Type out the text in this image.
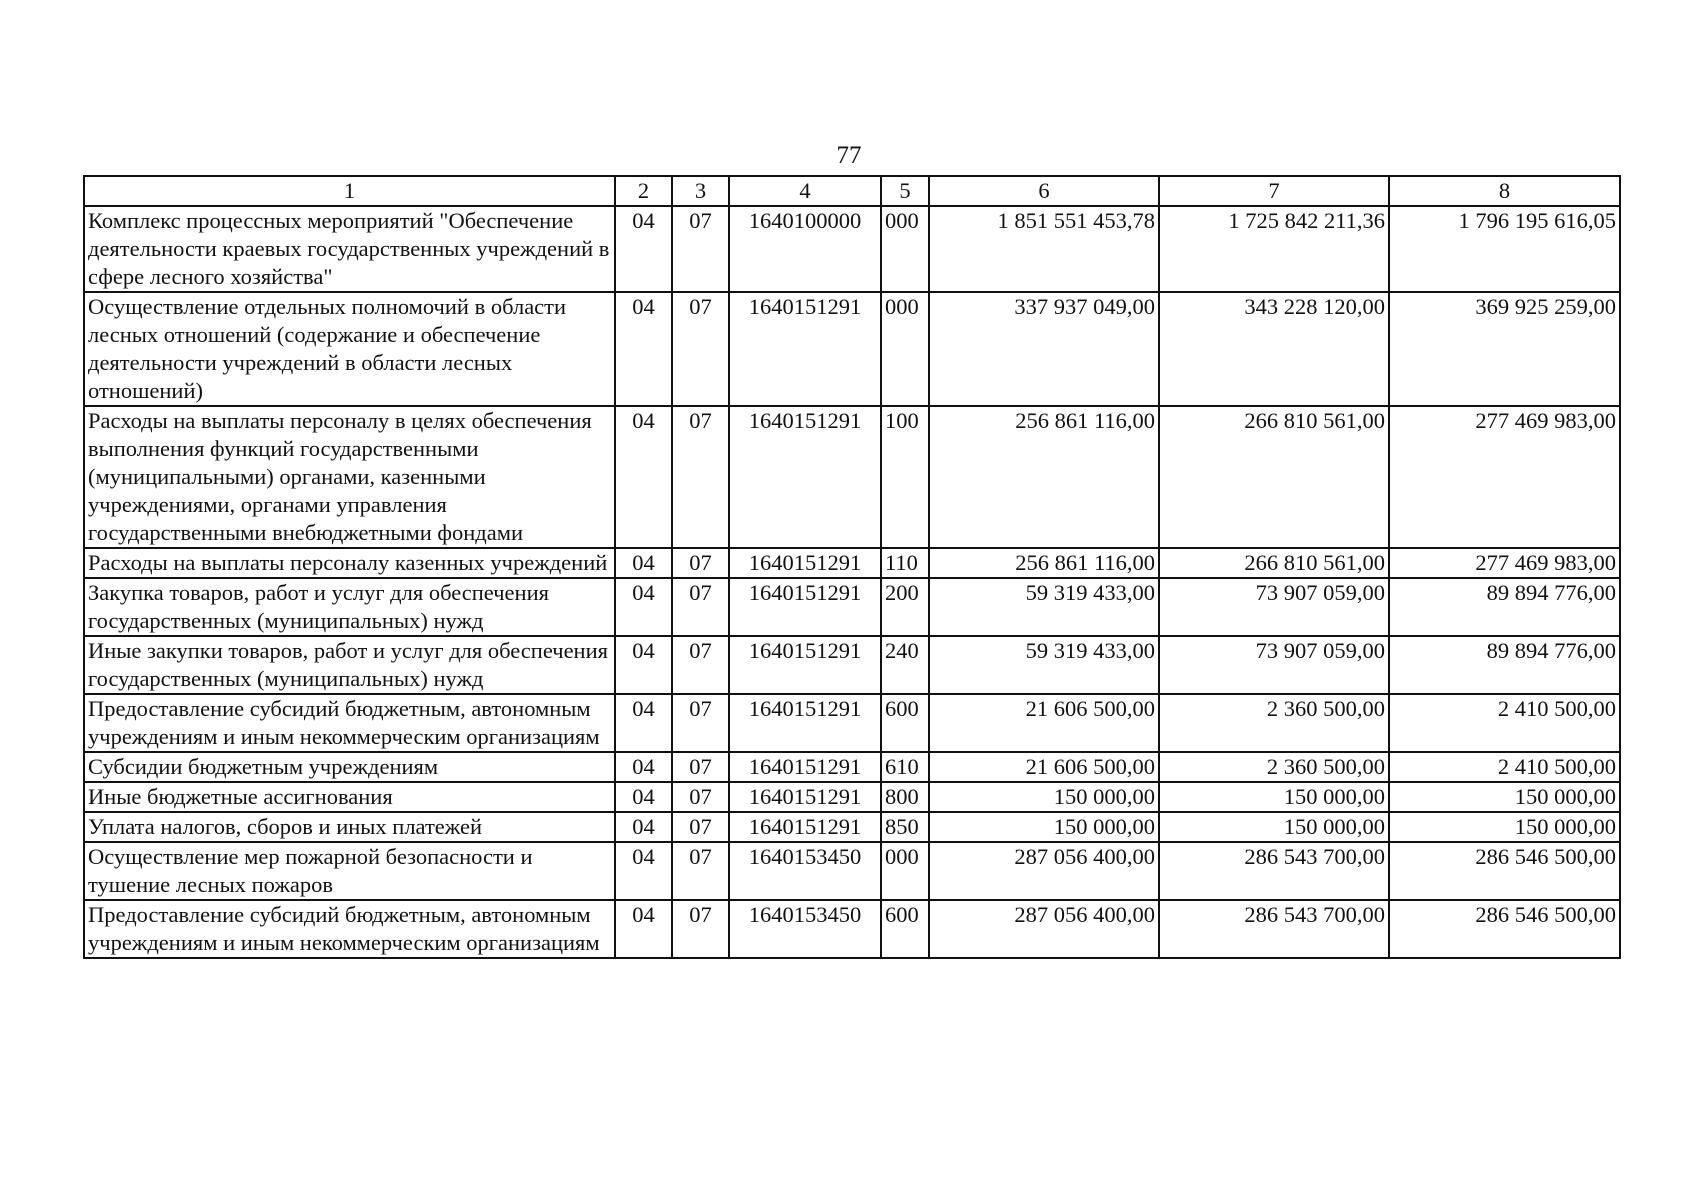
77
1	2	3	4	5	6	7	8
Комплекс процессных мероприятий "Обеспечение деятельности краевых государственных учреждений в сфере лесного хозяйства"	04	07	1640100000	000	1 851 551 453,78	1 725 842 211,36	1 796 195 616,05
Осуществление отдельных полномочий в области лесных отношений (содержание и обеспечение деятельности учреждений в области лесных отношений)	04	07	1640151291	000	337 937 049,00	343 228 120,00	369 925 259,00
Расходы на выплаты персоналу в целях обеспечения выполнения функций государственными (муниципальными) органами, казенными учреждениями, органами управления государственными внебюджетными фондами	04	07	1640151291	100	256 861 116,00	266 810 561,00	277 469 983,00
Расходы на выплаты персоналу казенных учреждений	04	07	1640151291	110	256 861 116,00	266 810 561,00	277 469 983,00
Закупка товаров, работ и услуг для обеспечения государственных (муниципальных) нужд	04	07	1640151291	200	59 319 433,00	73 907 059,00	89 894 776,00
Иные закупки товаров, работ и услуг для обеспечения государственных (муниципальных) нужд	04	07	1640151291	240	59 319 433,00	73 907 059,00	89 894 776,00
Предоставление субсидий бюджетным, автономным учреждениям и иным некоммерческим организациям	04	07	1640151291	600	21 606 500,00	2 360 500,00	2 410 500,00
Субсидии бюджетным учреждениям	04	07	1640151291	610	21 606 500,00	2 360 500,00	2 410 500,00
Иные бюджетные ассигнования	04	07	1640151291	800	150 000,00	150 000,00	150 000,00
Уплата налогов, сборов и иных платежей	04	07	1640151291	850	150 000,00	150 000,00	150 000,00
Осуществление мер пожарной безопасности и тушение лесных пожаров	04	07	1640153450	000	287 056 400,00	286 543 700,00	286 546 500,00
Предоставление субсидий бюджетным, автономным учреждениям и иным некоммерческим организациям	04	07	1640153450	600	287 056 400,00	286 543 700,00	286 546 500,00
